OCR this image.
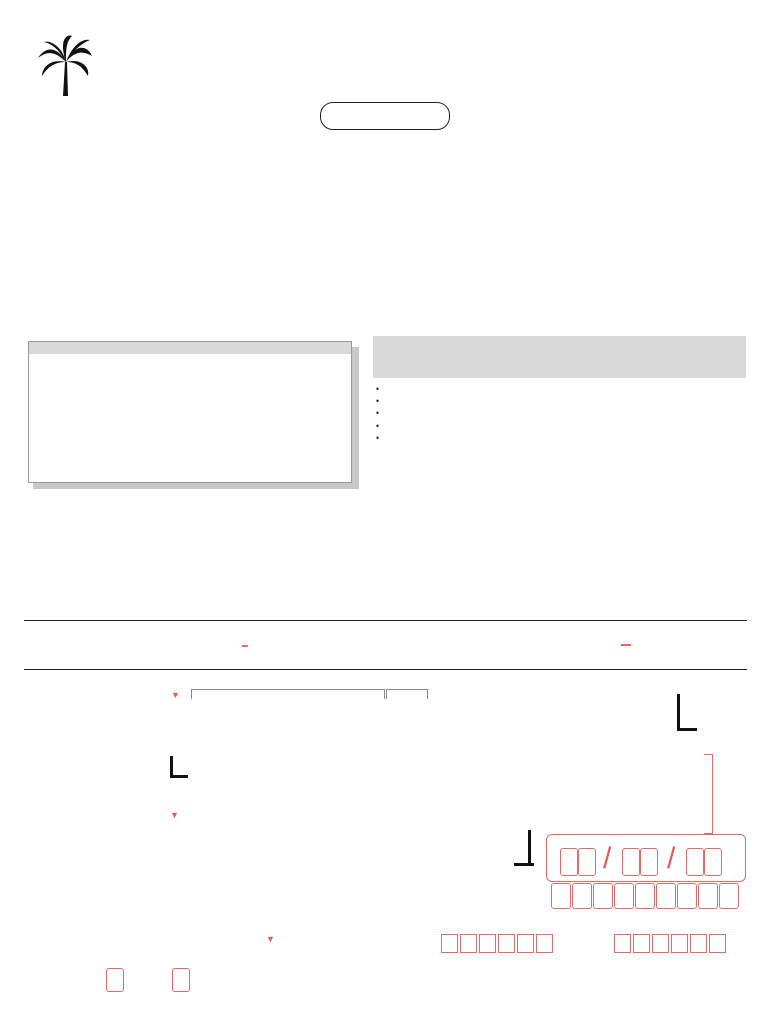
•
•
•
•
•
▼

▼

▼

/ /
